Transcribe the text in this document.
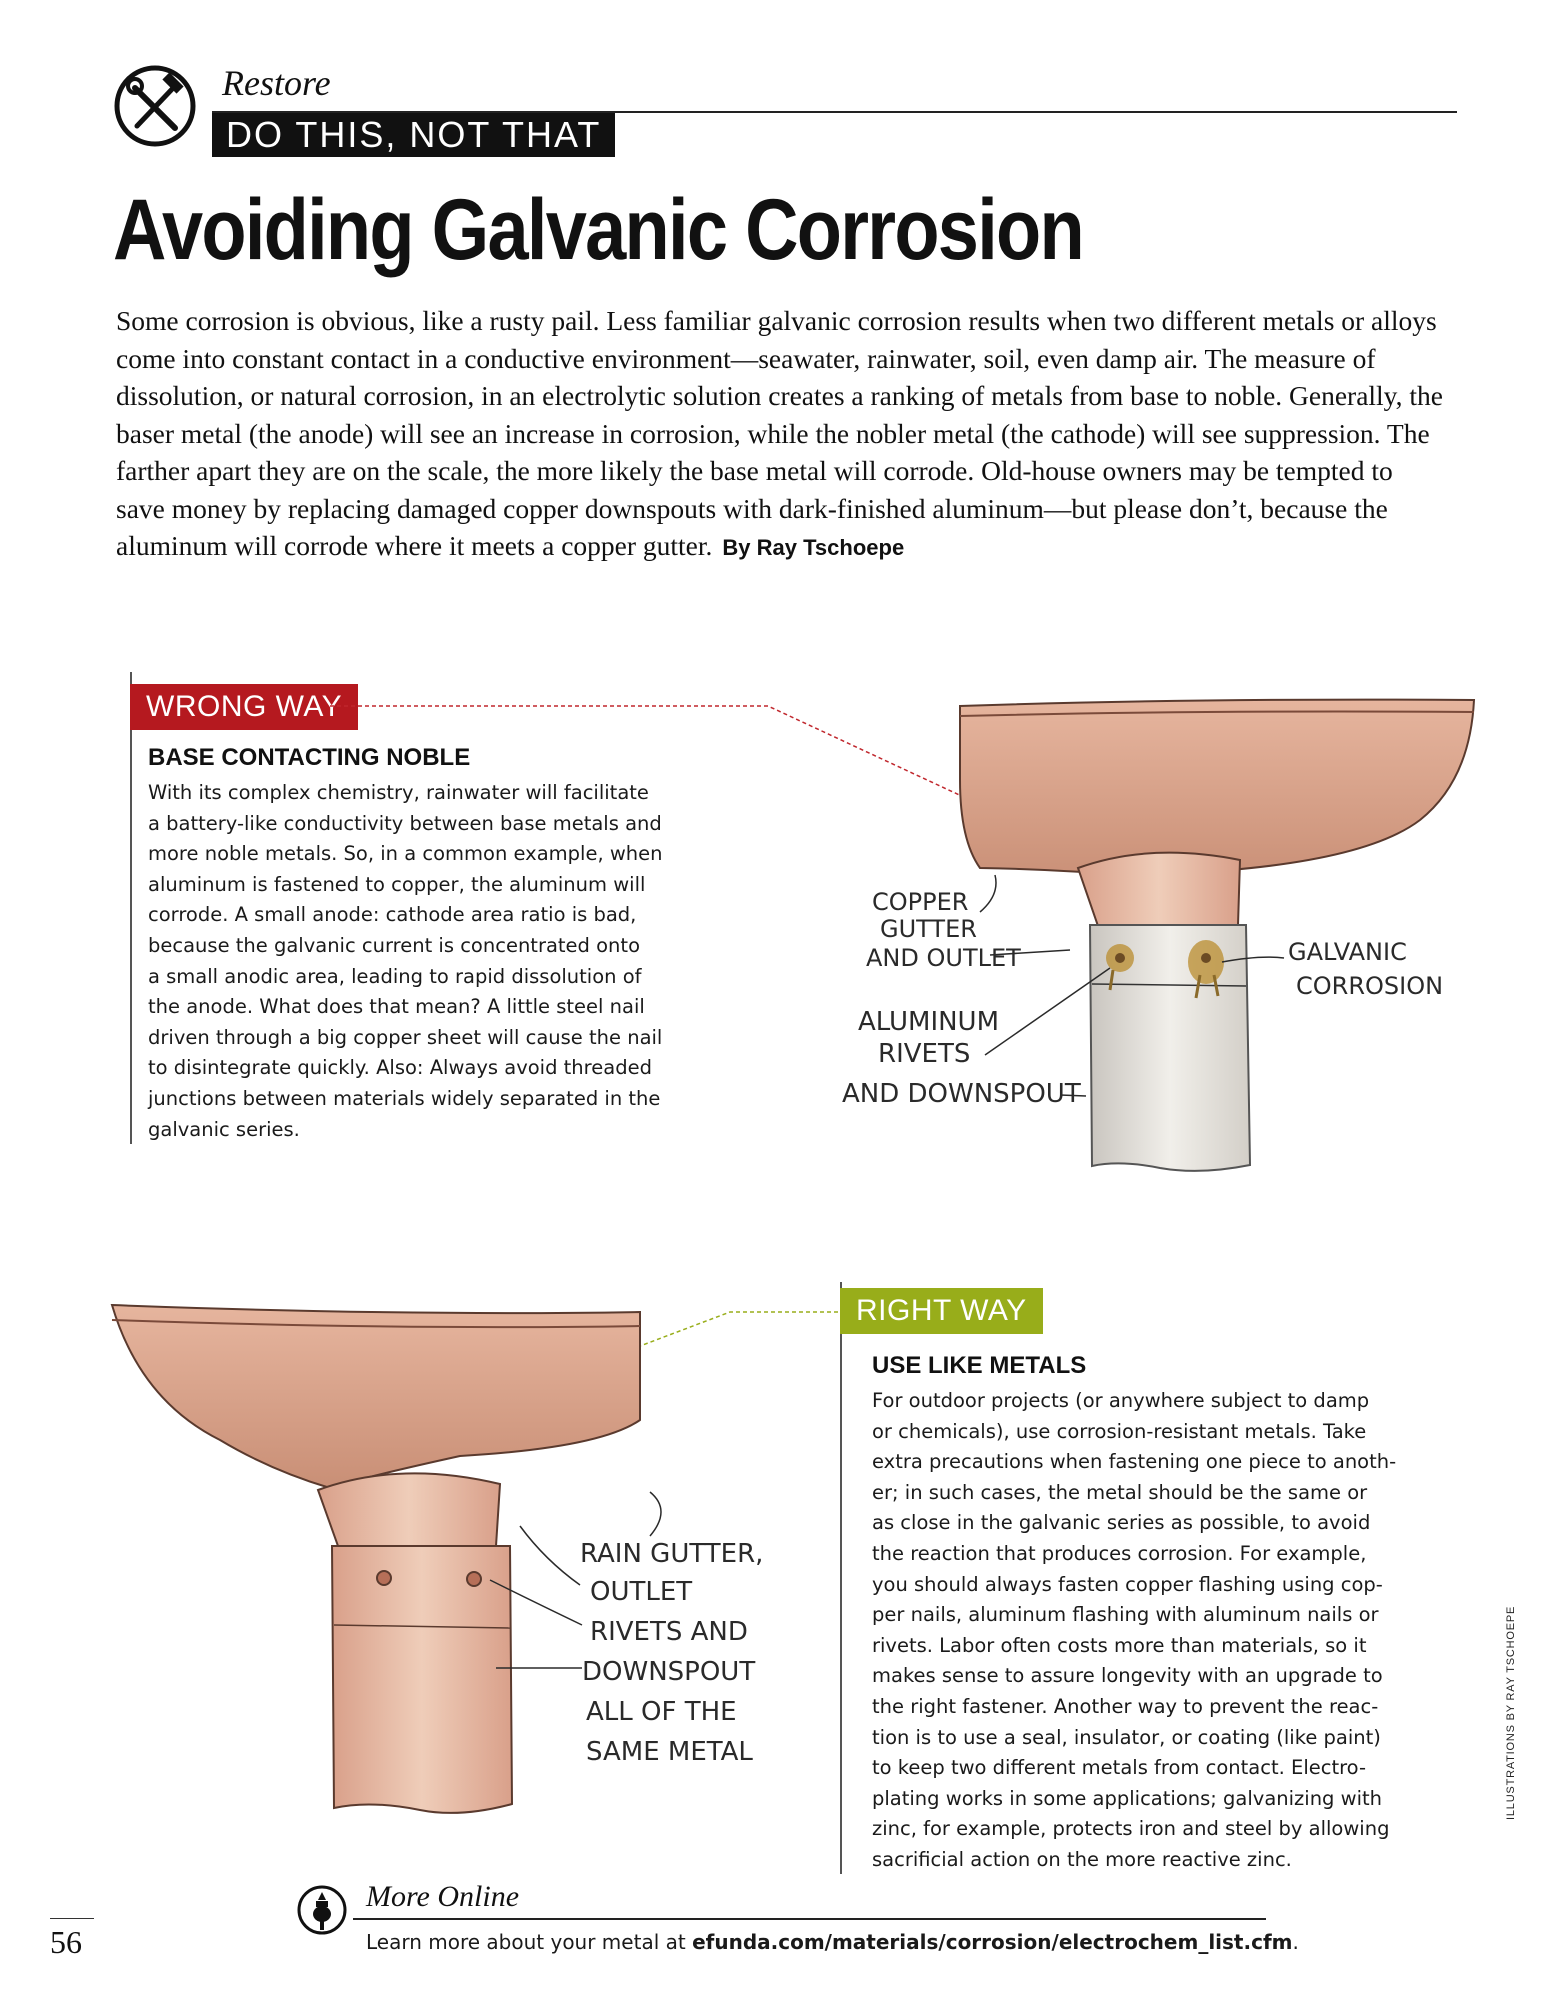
Restore
DO THIS, NOT THAT
Avoiding Galvanic Corrosion
Some corrosion is obvious, like a rusty pail. Less familiar galvanic corrosion results when two different metals or alloys come into constant contact in a conductive environment—seawater, rainwater, soil, even damp air. The measure of dissolution, or natural corrosion, in an electrolytic solution creates a ranking of metals from base to noble. Generally, the baser metal (the anode) will see an increase in corrosion, while the nobler metal (the cathode) will see suppression. The farther apart they are on the scale, the more likely the base metal will corrode. Old-house owners may be tempted to save money by replacing damaged copper downspouts with dark-finished aluminum—but please don’t, because the aluminum will corrode where it meets a copper gutter. By Ray Tschoepe
WRONG WAY
BASE CONTACTING NOBLE
With its complex chemistry, rainwater will facilitate
a battery-like conductivity between base metals and
more noble metals. So, in a common example, when
aluminum is fastened to copper, the aluminum will
corrode. A small anode: cathode area ratio is bad,
because the galvanic current is concentrated onto
a small anodic area, leading to rapid dissolution of
the anode. What does that mean? A little steel nail
driven through a big copper sheet will cause the nail
to disintegrate quickly. Also: Always avoid threaded
junctions between materials widely separated in the
galvanic series.
RIGHT WAY
USE LIKE METALS
For outdoor projects (or anywhere subject to damp
or chemicals), use corrosion-resistant metals. Take
extra precautions when fastening one piece to anoth-
er; in such cases, the metal should be the same or
as close in the galvanic series as possible, to avoid
the reaction that produces corrosion. For example,
you should always fasten copper flashing using cop-
per nails, aluminum flashing with aluminum nails or
rivets. Labor often costs more than materials, so it
makes sense to assure longevity with an upgrade to
the right fastener. Another way to prevent the reac-
tion is to use a seal, insulator, or coating (like paint)
to keep two different metals from contact. Electro-
plating works in some applications; galvanizing with
zinc, for example, protects iron and steel by allowing
sacrificial action on the more reactive zinc.
COPPER
GUTTER
AND OUTLET
ALUMINUM
RIVETS
AND DOWNSPOUT
GALVANIC
CORROSION
RAIN GUTTER,
OUTLET
RIVETS AND
DOWNSPOUT
ALL OF THE
SAME METAL
56
More Online
Learn more about your metal at efunda.com/materials/corrosion/electrochem_list.cfm.
ILLUSTRATIONS BY RAY TSCHOEPE
